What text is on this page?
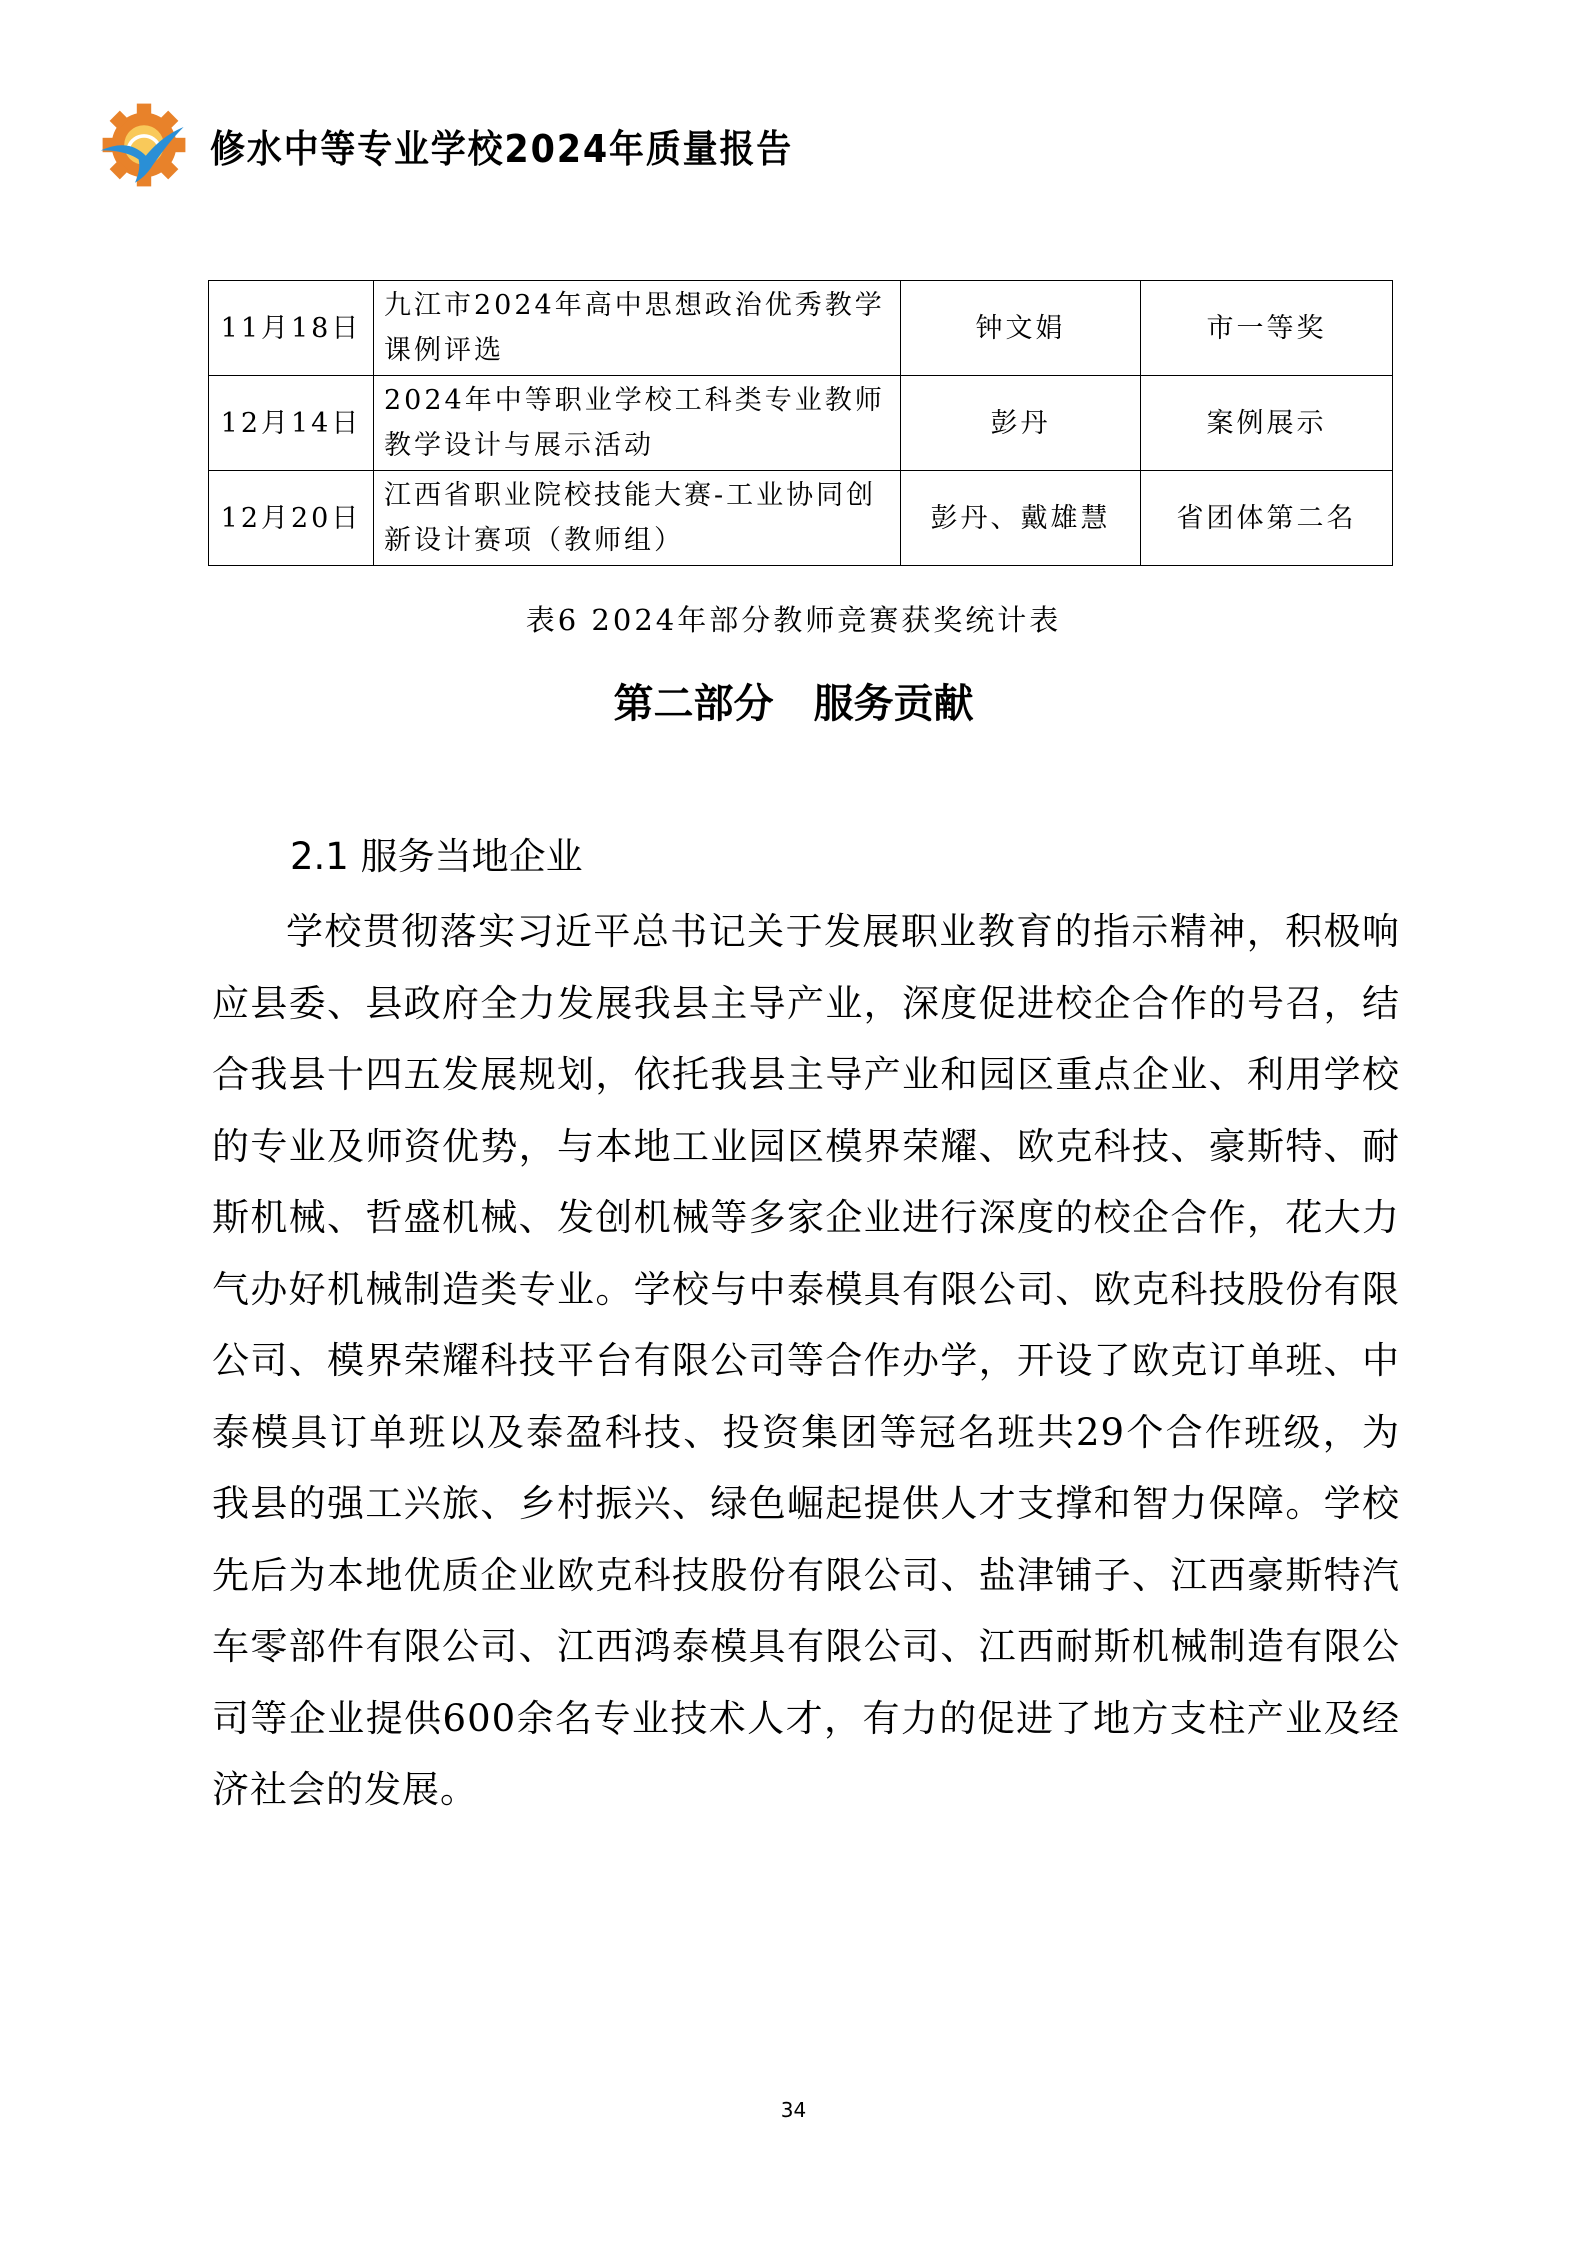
修水中等专业学校2024年质量报告
11月18日	九江市2024年高中思想政治优秀教学课例评选	钟文娟	市一等奖
12月14日	2024年中等职业学校工科类专业教师教学设计与展示活动	彭丹	案例展示
12月20日	江西省职业院校技能大赛-工业协同创新设计赛项（教师组）	彭丹、戴雄慧	省团体第二名
表6 2024年部分教师竞赛获奖统计表
第二部分　服务贡献
2.1 服务当地企业
学校贯彻落实习近平总书记关于发展职业教育的指示精神，积极响应县委、县政府全力发展我县主导产业，深度促进校企合作的号召，结合我县十四五发展规划，依托我县主导产业和园区重点企业、利用学校的专业及师资优势，与本地工业园区模界荣耀、欧克科技、豪斯特、耐斯机械、哲盛机械、发创机械等多家企业进行深度的校企合作，花大力气办好机械制造类专业。学校与中泰模具有限公司、欧克科技股份有限公司、模界荣耀科技平台有限公司等合作办学，开设了欧克订单班、中泰模具订单班以及泰盈科技、投资集团等冠名班共29个合作班级，为我县的强工兴旅、乡村振兴、绿色崛起提供人才支撑和智力保障。学校先后为本地优质企业欧克科技股份有限公司、盐津铺子、江西豪斯特汽车零部件有限公司、江西鸿泰模具有限公司、江西耐斯机械制造有限公司等企业提供600余名专业技术人才，有力的促进了地方支柱产业及经济社会的发展。
34
